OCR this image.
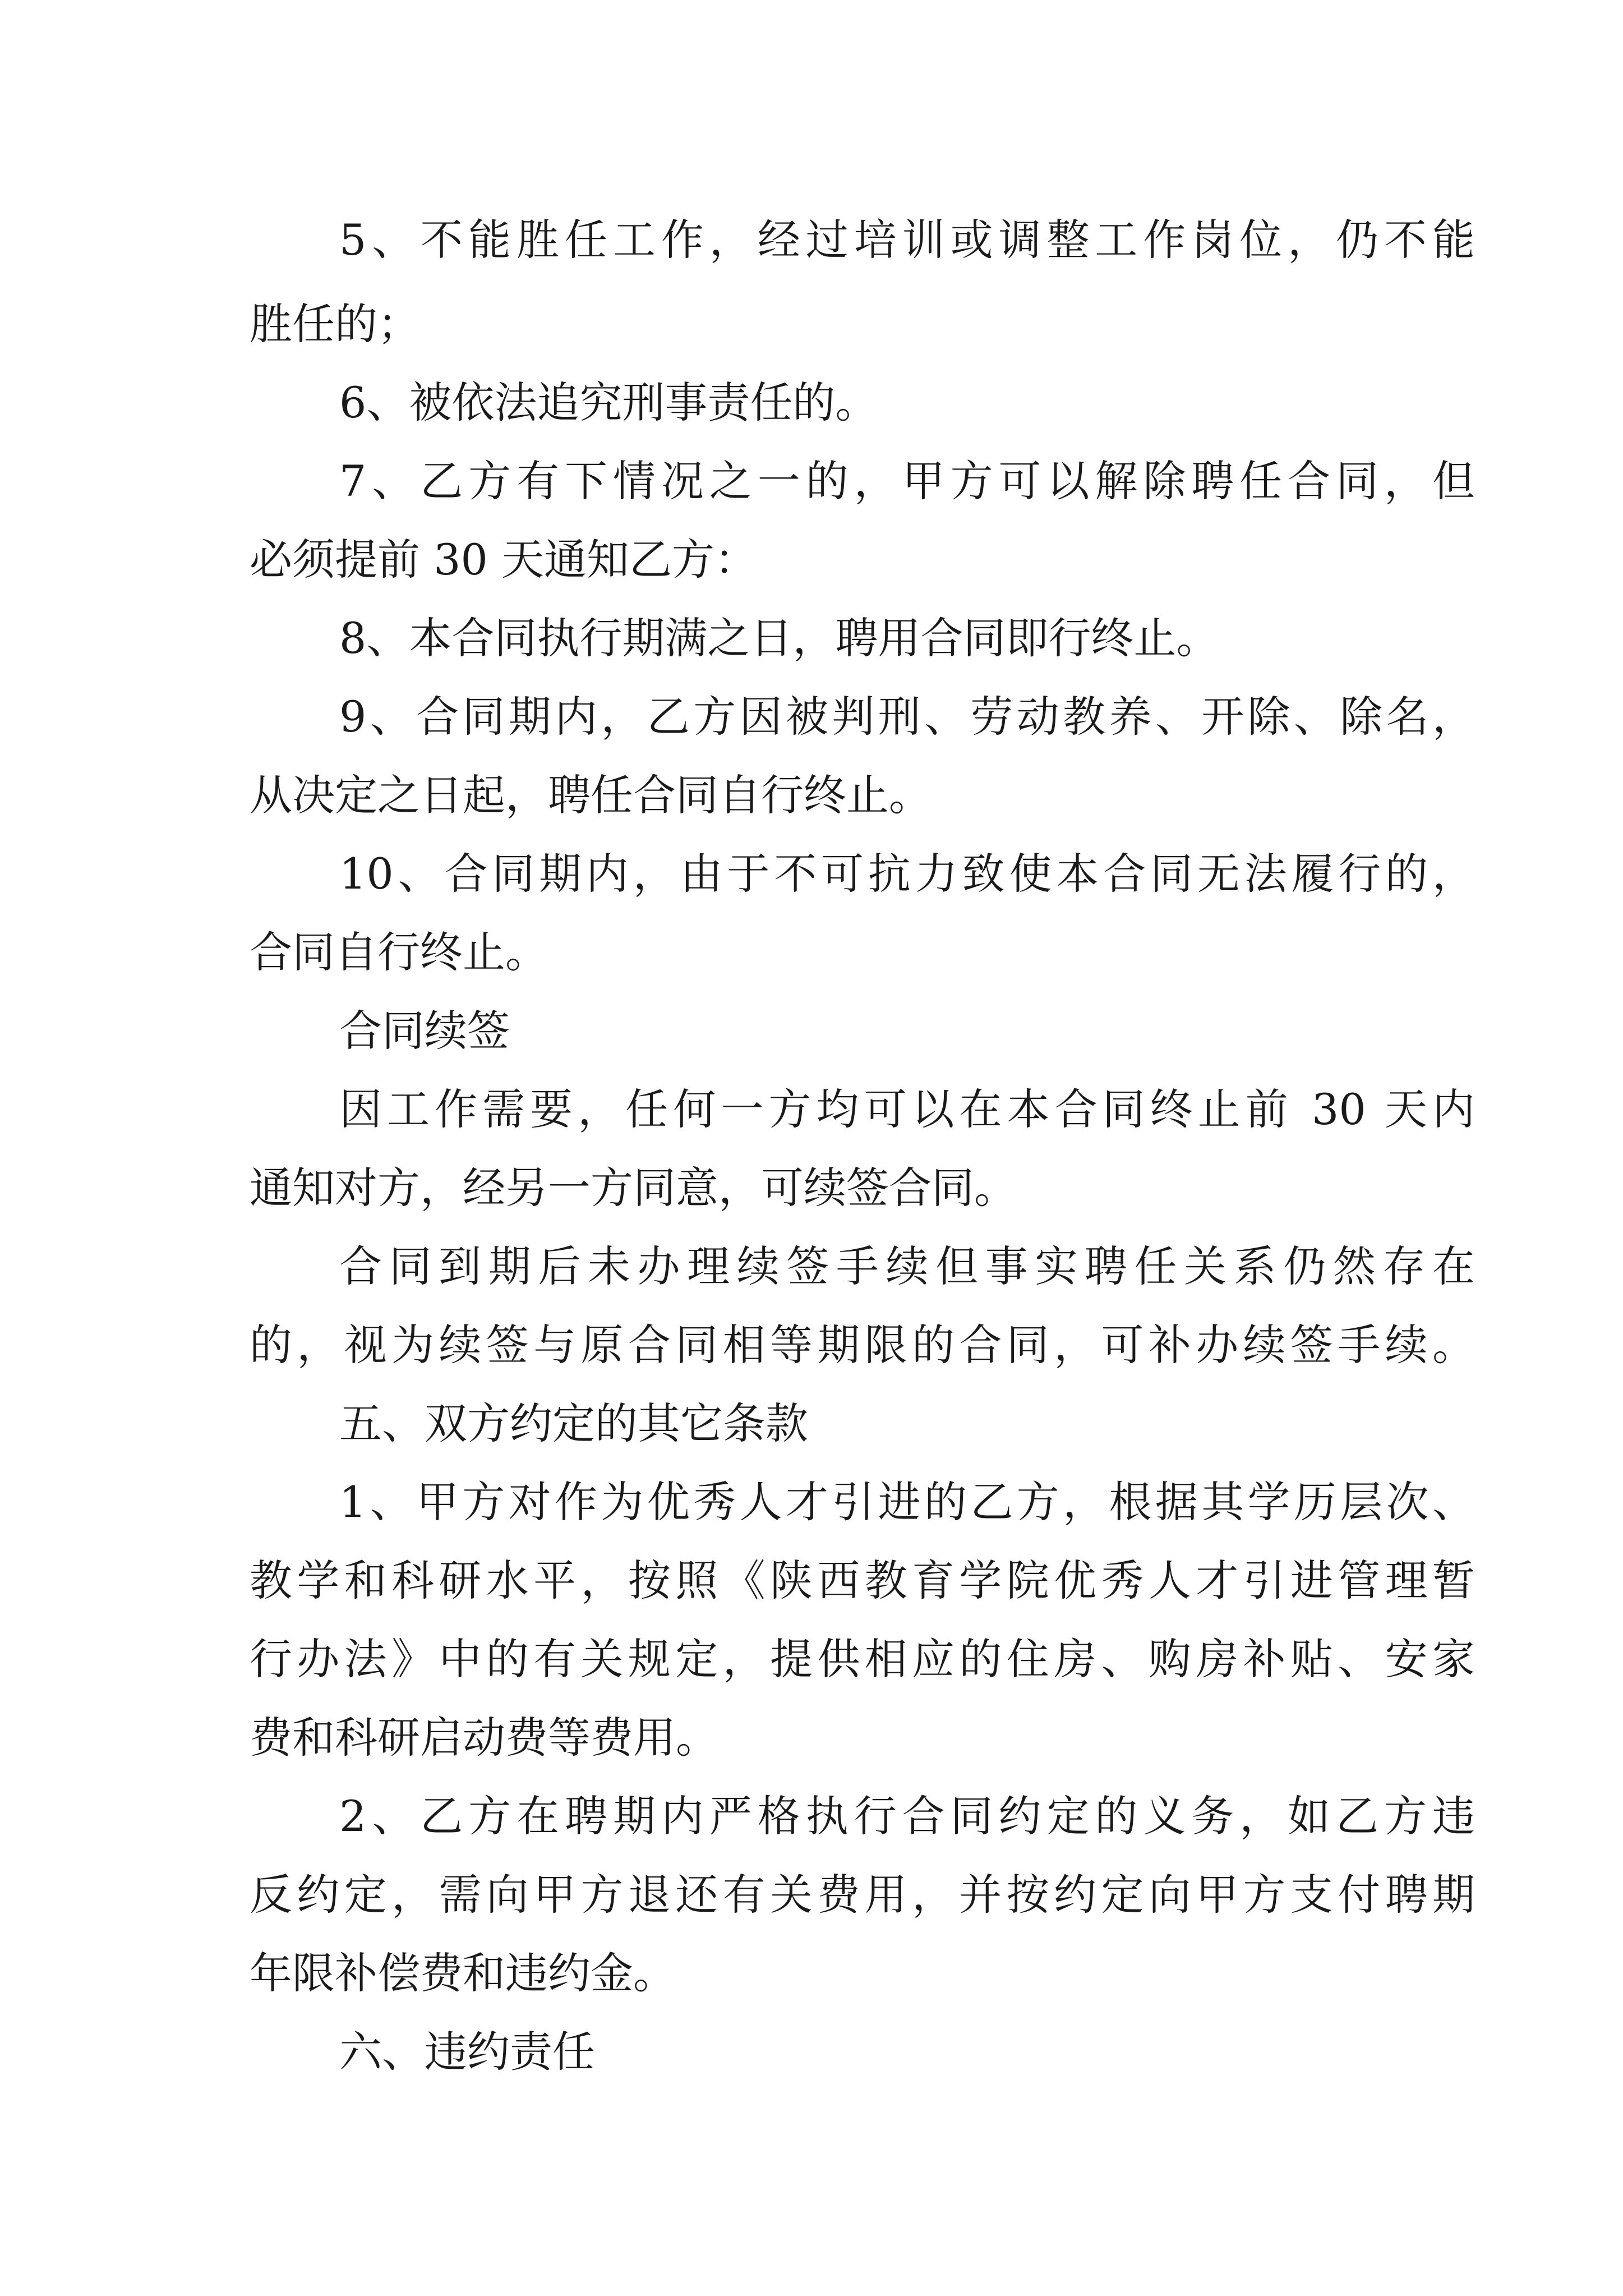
5、不能胜任工作，经过培训或调整工作岗位，仍不能
胜任的；
6、被依法追究刑事责任的。
7、乙方有下情况之一的，甲方可以解除聘任合同，但
必须提前 30 天通知乙方：
8、本合同执行期满之日，聘用合同即行终止。
9、合同期内，乙方因被判刑、劳动教养、开除、除名，
从决定之日起，聘任合同自行终止。
10、合同期内，由于不可抗力致使本合同无法履行的，
合同自行终止。
合同续签
因工作需要，任何一方均可以在本合同终止前 30 天内
通知对方，经另一方同意，可续签合同。
合同到期后未办理续签手续但事实聘任关系仍然存在
的，视为续签与原合同相等期限的合同，可补办续签手续。
五、双方约定的其它条款
1、甲方对作为优秀人才引进的乙方，根据其学历层次、
教学和科研水平，按照《陕西教育学院优秀人才引进管理暂
行办法》中的有关规定，提供相应的住房、购房补贴、安家
费和科研启动费等费用。
2、乙方在聘期内严格执行合同约定的义务，如乙方违
反约定，需向甲方退还有关费用，并按约定向甲方支付聘期
年限补偿费和违约金。
六、违约责任
